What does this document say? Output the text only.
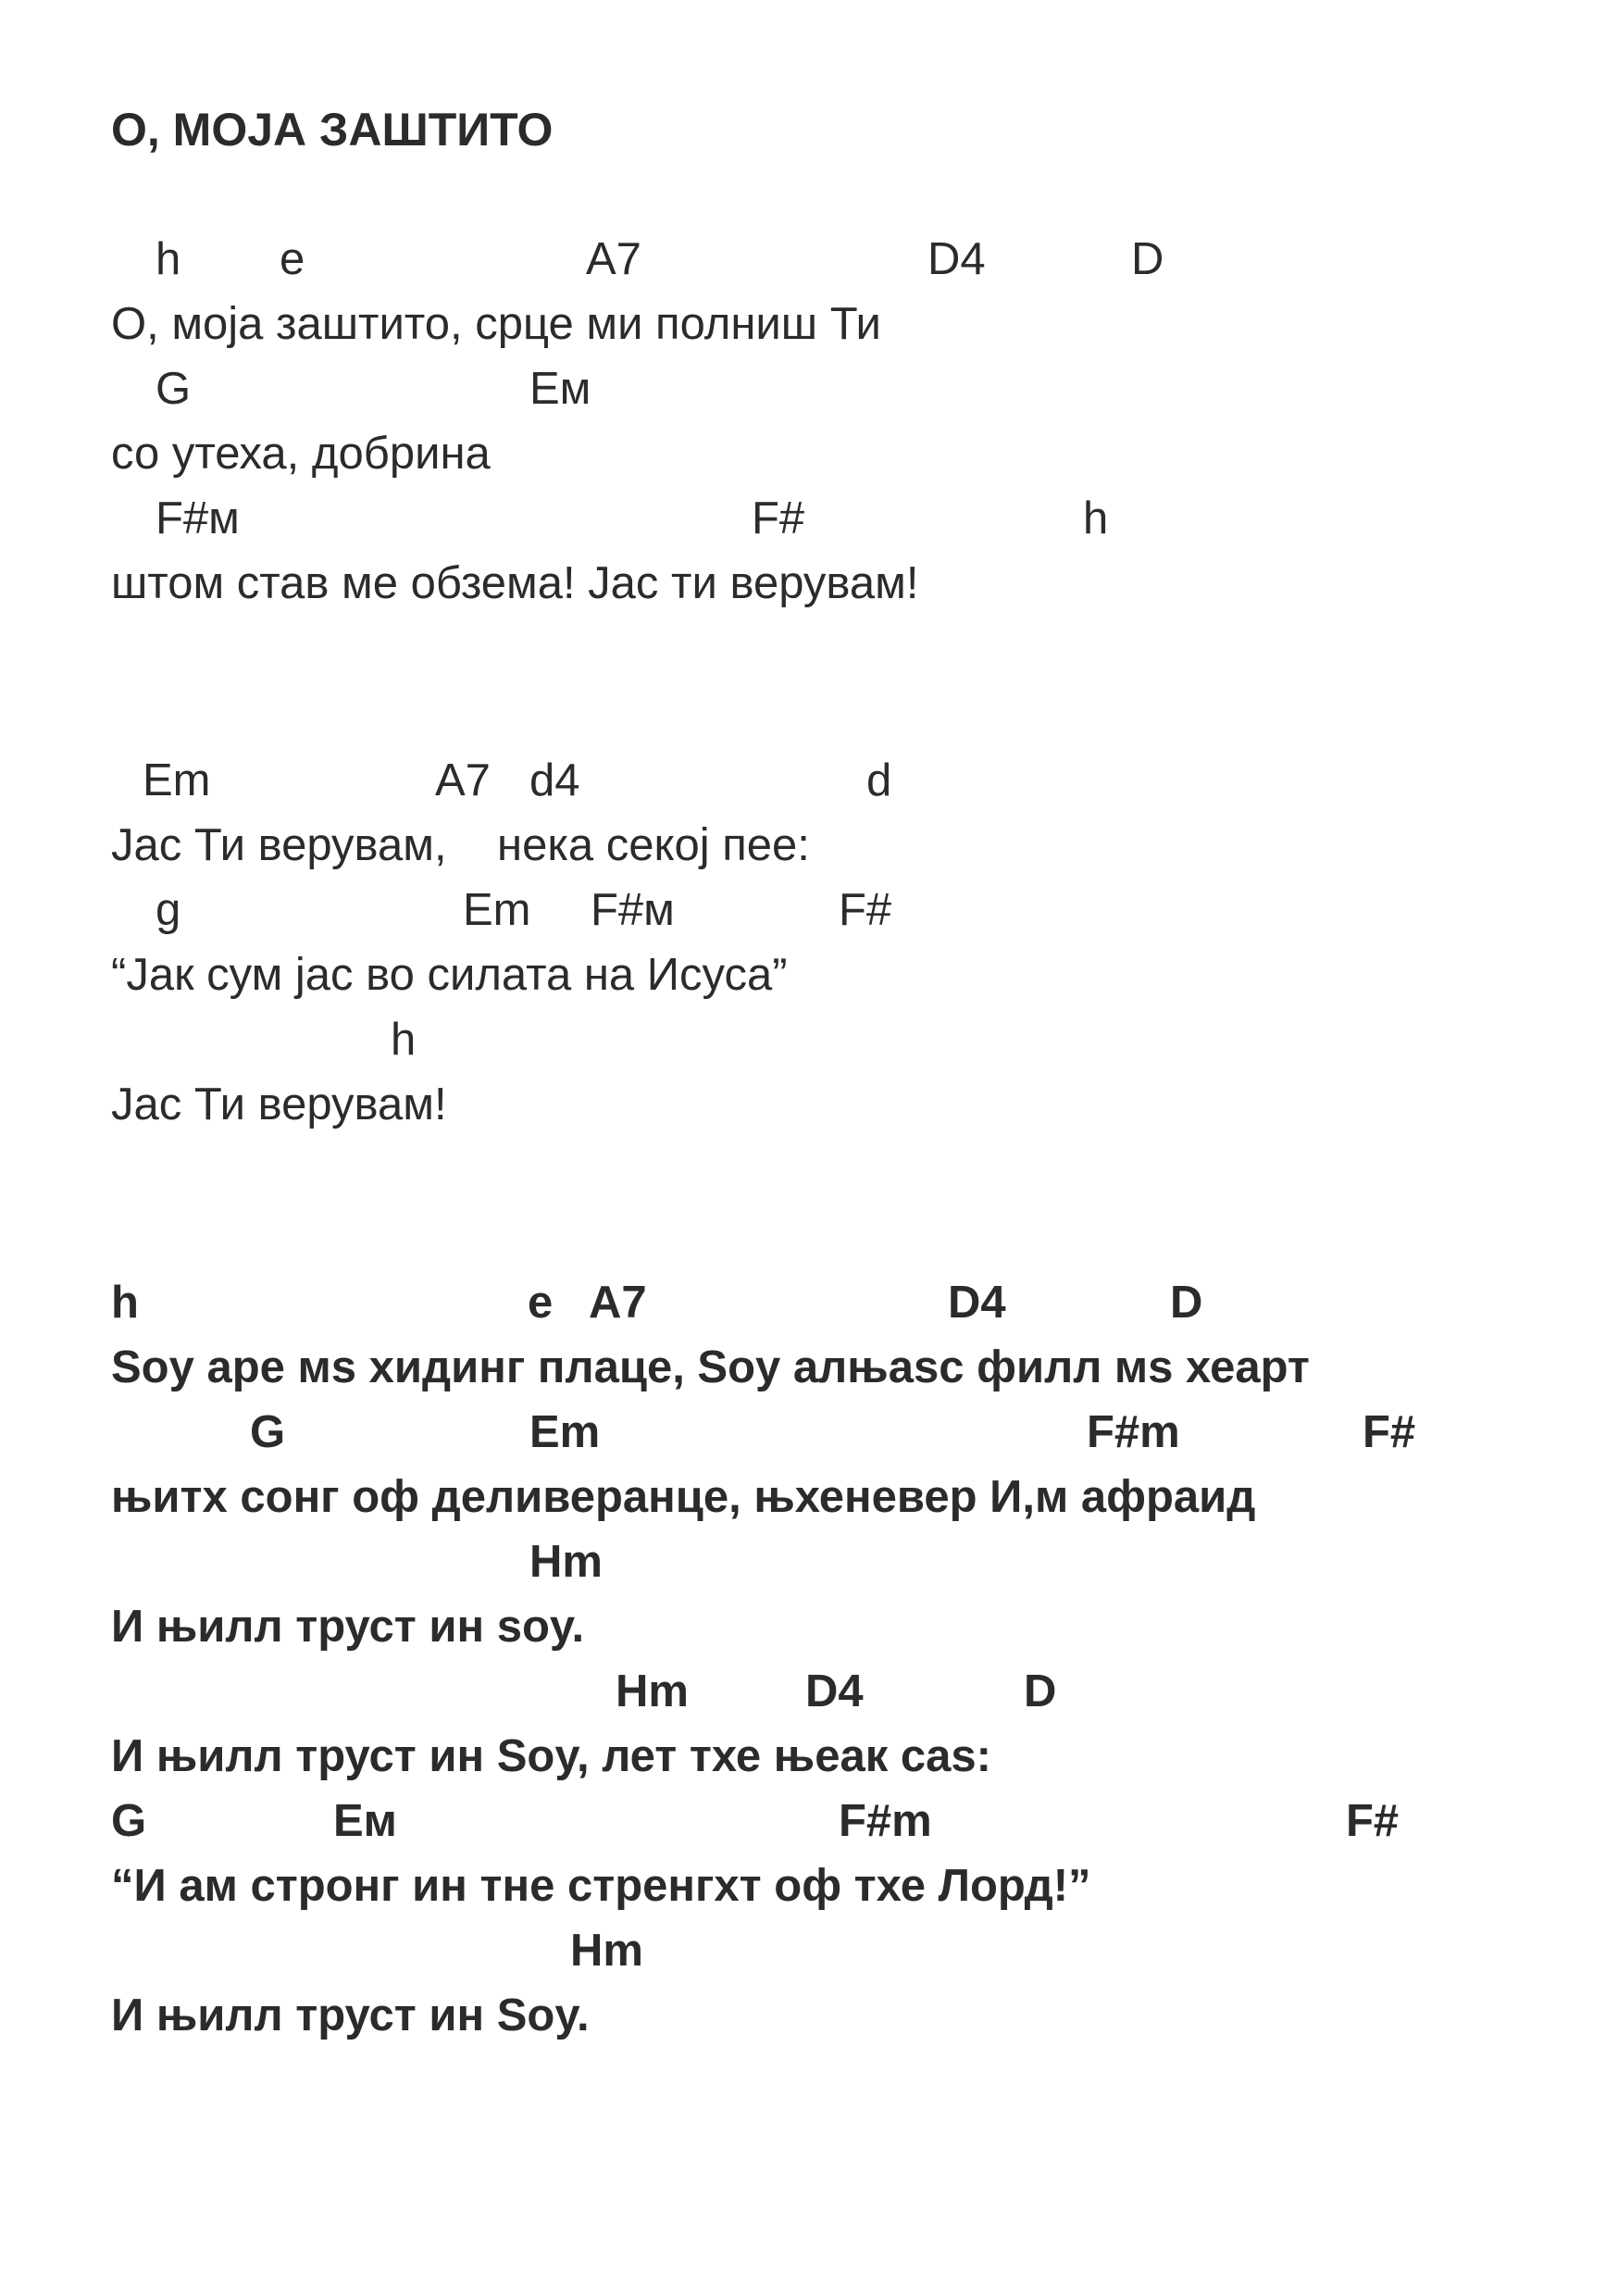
О, МОЈА ЗАШТИТО
h e	A7	D4	D
О, моја заштито, срце ми полниш Ти
G	Ем
со утеха, добрина
F#м	F#	h
штом став ме обзема! Јас ти верувам!
Em	A7 d4	d
Јас Ти верувам,    нека секој пее:
g	Em F#м	F#
“Јак сум јас во силата на Исуса”
h
Јас Ти верувам!
h	e A7	D4	D
Soy аре мs хидинг плаце, Soy алњasc филл мs хеарт
G	Em	F#m	F#
њитх сонг оф деливеранце, њхеневер И,м афраид
Hm
И њилл труст ин soy.
Hm	D4	D
И њилл труст ин Soy, лет тхе њеак cas:
G	Ем	F#m	F#
“И ам стронг ин тне стренгхт оф тхе Лорд!”
Hm
И њилл труст ин Soy.
